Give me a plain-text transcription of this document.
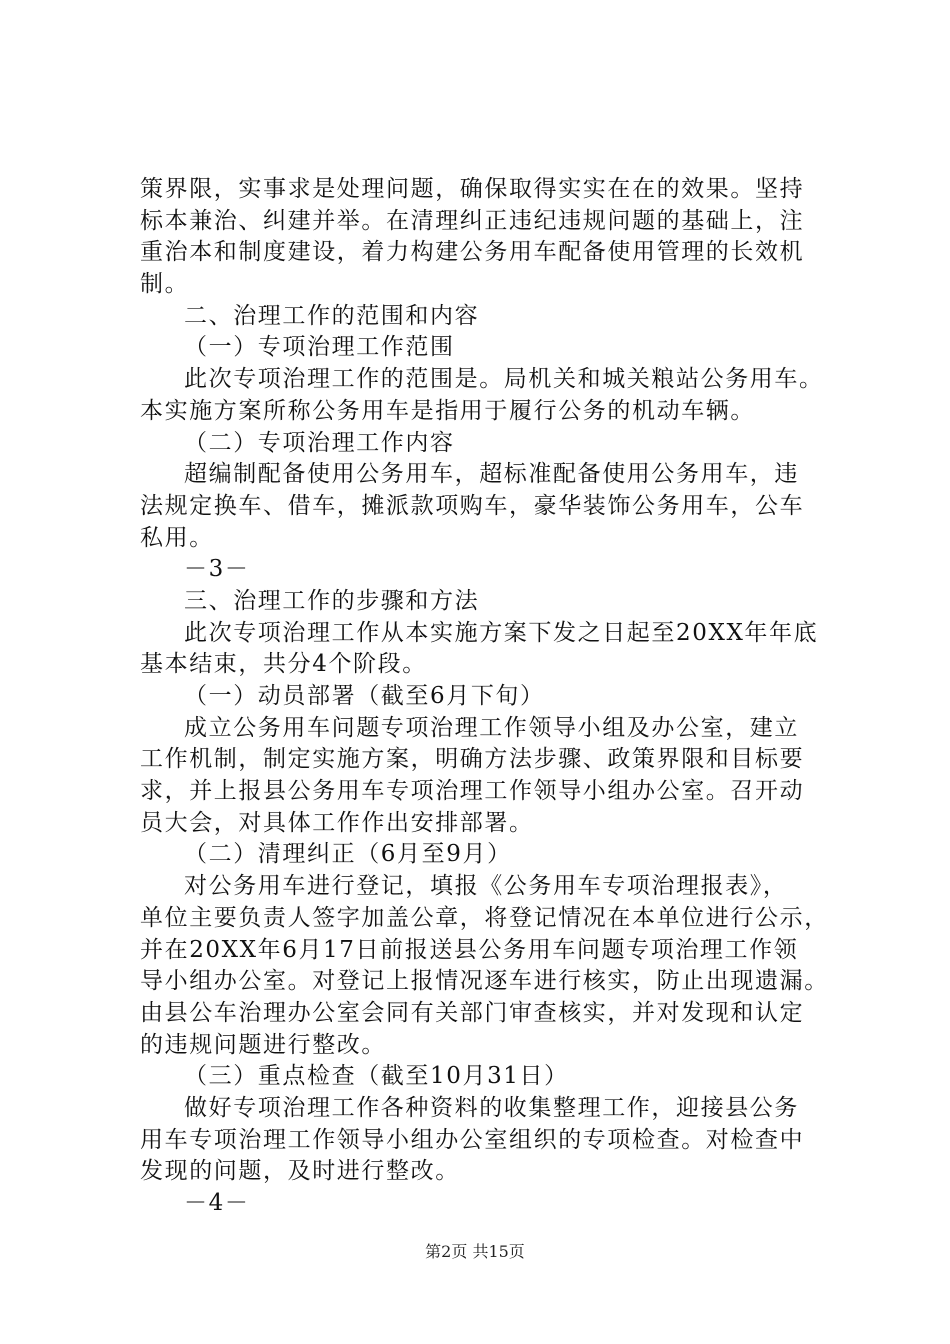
策界限，实事求是处理问题，确保取得实实在在的效果。坚持
标本兼治、纠建并举。在清理纠正违纪违规问题的基础上，注
重治本和制度建设，着力构建公务用车配备使用管理的长效机
制。
二、治理工作的范围和内容
（一）专项治理工作范围
此次专项治理工作的范围是。局机关和城关粮站公务用车。
本实施方案所称公务用车是指用于履行公务的机动车辆。
（二）专项治理工作内容
超编制配备使用公务用车，超标准配备使用公务用车，违
法规定换车、借车，摊派款项购车，豪华装饰公务用车，公车
私用。
－3－
三、治理工作的步骤和方法
此次专项治理工作从本实施方案下发之日起至20XX年年底
基本结束，共分4个阶段。
（一）动员部署（截至6月下旬）
成立公务用车问题专项治理工作领导小组及办公室，建立
工作机制，制定实施方案，明确方法步骤、政策界限和目标要
求，并上报县公务用车专项治理工作领导小组办公室。召开动
员大会，对具体工作作出安排部署。
（二）清理纠正（6月至9月）
对公务用车进行登记，填报《公务用车专项治理报表》，
单位主要负责人签字加盖公章，将登记情况在本单位进行公示，
并在20XX年6月17日前报送县公务用车问题专项治理工作领
导小组办公室。对登记上报情况逐车进行核实，防止出现遗漏。
由县公车治理办公室会同有关部门审查核实，并对发现和认定
的违规问题进行整改。
（三）重点检查（截至10月31日）
做好专项治理工作各种资料的收集整理工作，迎接县公务
用车专项治理工作领导小组办公室组织的专项检查。对检查中
发现的问题，及时进行整改。
－4－
第2页 共15页
